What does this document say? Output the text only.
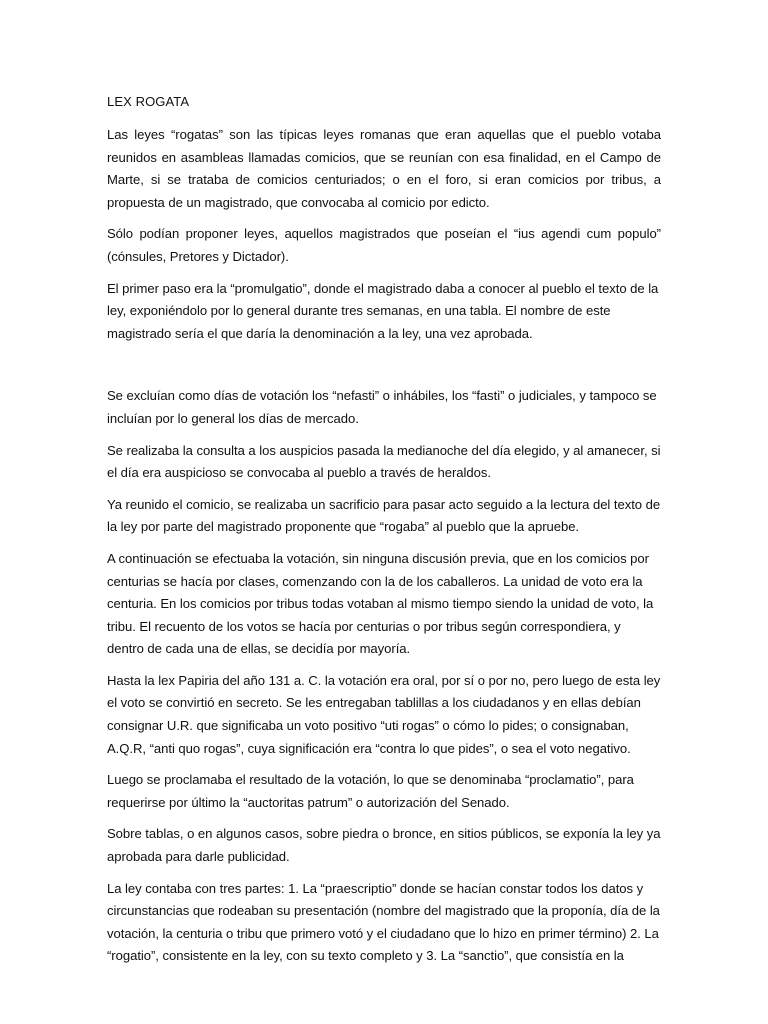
LEX ROGATA

Las leyes “rogatas” son las típicas leyes romanas que eran aquellas que el pueblo votaba reunidos en asambleas llamadas comicios, que se reunían con esa finalidad, en el Campo de Marte, si se trataba de comicios centuriados; o en el foro, si eran comicios por tribus, a propuesta de un magistrado, que convocaba al comicio por edicto.

Sólo podían proponer leyes, aquellos magistrados que poseían el “ius agendi cum populo” (cónsules, Pretores y Dictador).

El primer paso era la “promulgatio”, donde el magistrado daba a conocer al pueblo el texto de la ley, exponiéndolo por lo general durante tres semanas, en una tabla. El nombre de este magistrado sería el que daría la denominación a la ley, una vez aprobada.

Se excluían como días de votación los “nefasti” o inhábiles, los “fasti” o judiciales, y tampoco se incluían por lo general los días de mercado.

Se realizaba la consulta a los auspicios pasada la medianoche del día elegido, y al amanecer, si el día era auspicioso se convocaba al pueblo a través de heraldos.

Ya reunido el comicio, se realizaba un sacrificio para pasar acto seguido a la lectura del texto de la ley por parte del magistrado proponente que “rogaba” al pueblo que la apruebe.

A continuación se efectuaba la votación, sin ninguna discusión previa, que en los comicios por centurias se hacía por clases, comenzando con la de los caballeros. La unidad de voto era la centuria. En los comicios por tribus todas votaban al mismo tiempo siendo la unidad de voto, la tribu. El recuento de los votos se hacía por centurias o por tribus según correspondiera, y dentro de cada una de ellas, se decidía por mayoría.

Hasta la lex Papiria del año 131 a. C. la votación era oral, por sí o por no, pero luego de esta ley el voto se convirtió en secreto. Se les entregaban tablillas a los ciudadanos y en ellas debían consignar U.R. que significaba un voto positivo “uti rogas” o cómo lo pides; o consignaban, A.Q.R, “anti quo rogas”, cuya significación era “contra lo que pides”, o sea el voto negativo.

Luego se proclamaba el resultado de la votación, lo que se denominaba “proclamatio”, para requerirse por último la “auctoritas patrum” o autorización del Senado.

Sobre tablas, o en algunos casos, sobre piedra o bronce, en sitios públicos, se exponía la ley ya aprobada para darle publicidad.

La ley contaba con tres partes: 1. La “praescriptio” donde se hacían constar todos los datos y circunstancias que rodeaban su presentación (nombre del magistrado que la proponía, día de la votación, la centuria o tribu que primero votó y el ciudadano que lo hizo en primer término) 2. La “rogatio”, consistente en la ley, con su texto completo y 3. La “sanctio”, que consistía en la
